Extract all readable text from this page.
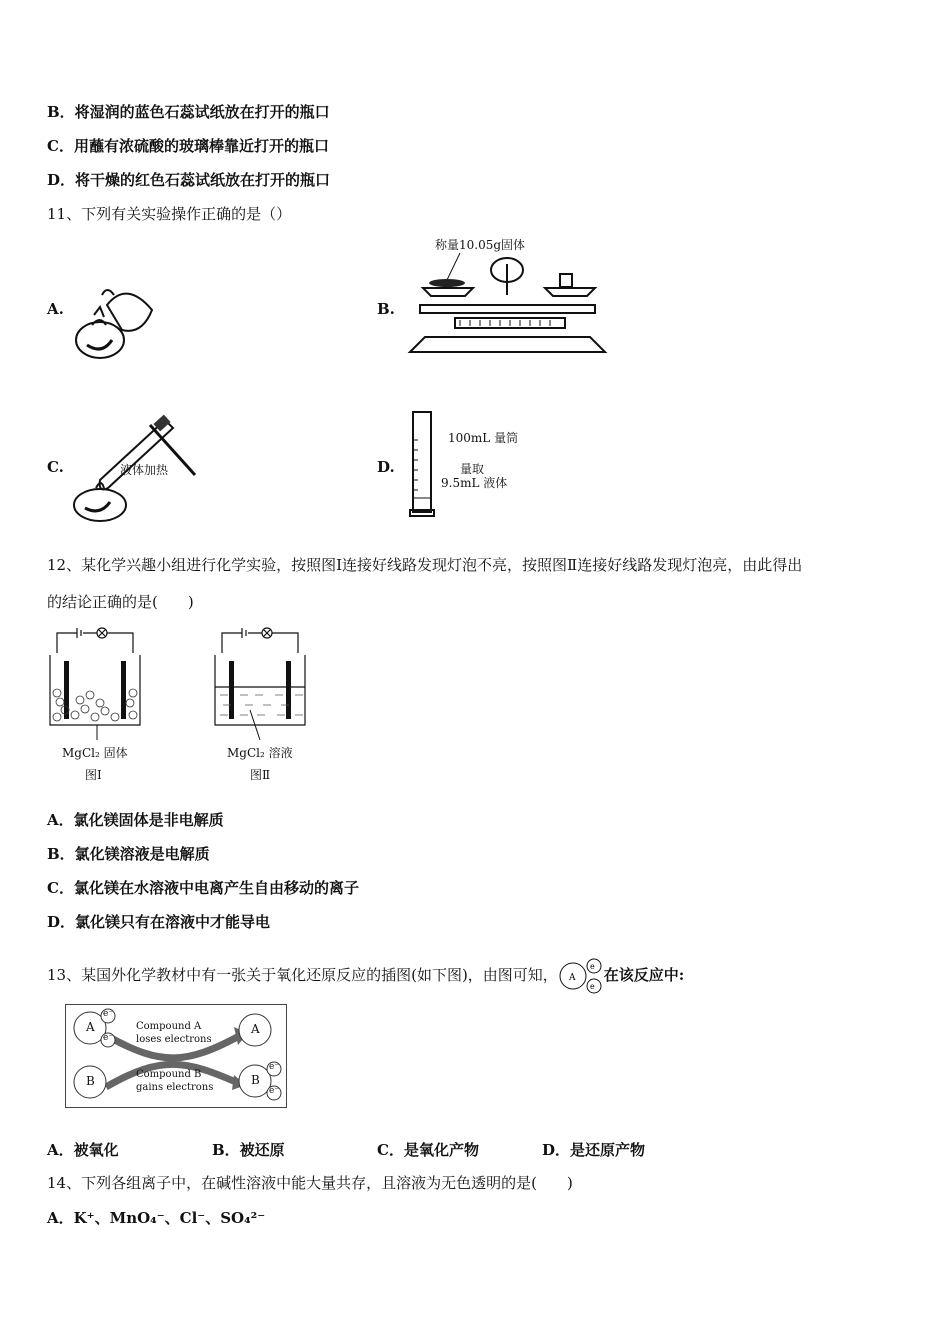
B．将湿润的蓝色石蕊试纸放在打开的瓶口
C．用蘸有浓硫酸的玻璃棒靠近打开的瓶口
D．将干燥的红色石蕊试纸放在打开的瓶口
11、下列有关实验操作正确的是（）
A.	B.
称量10.05g固体
C.	液体加热	D.
100mL 量筒
量取
9.5mL 液体
12、某化学兴趣小组进行化学实验，按照图Ⅰ连接好线路发现灯泡不亮，按照图Ⅱ连接好线路发现灯泡亮，由此得出
的结论正确的是(　　)
MgCl₂ 固体
图Ⅰ
MgCl₂ 溶液
图Ⅱ
A．氯化镁固体是非电解质
B．氯化镁溶液是电解质
C．氯化镁在水溶液中电离产生自由移动的离子
D．氯化镁只有在溶液中才能导电
13、某国外化学教材中有一张关于氧化还原反应的插图(如下图)，由图可知， A
e
e
在该反应中:
A
e⁻
e⁻
B
A
B
e⁻
e⁻
Compound A
loses electrons
Compound B
gains electrons
A．被氧化	B．被还原	C．是氧化产物	D．是还原产物
14、下列各组离子中，在碱性溶液中能大量共存，且溶液为无色透明的是(　　)
A．K⁺、MnO₄⁻、Cl⁻、SO₄²⁻
